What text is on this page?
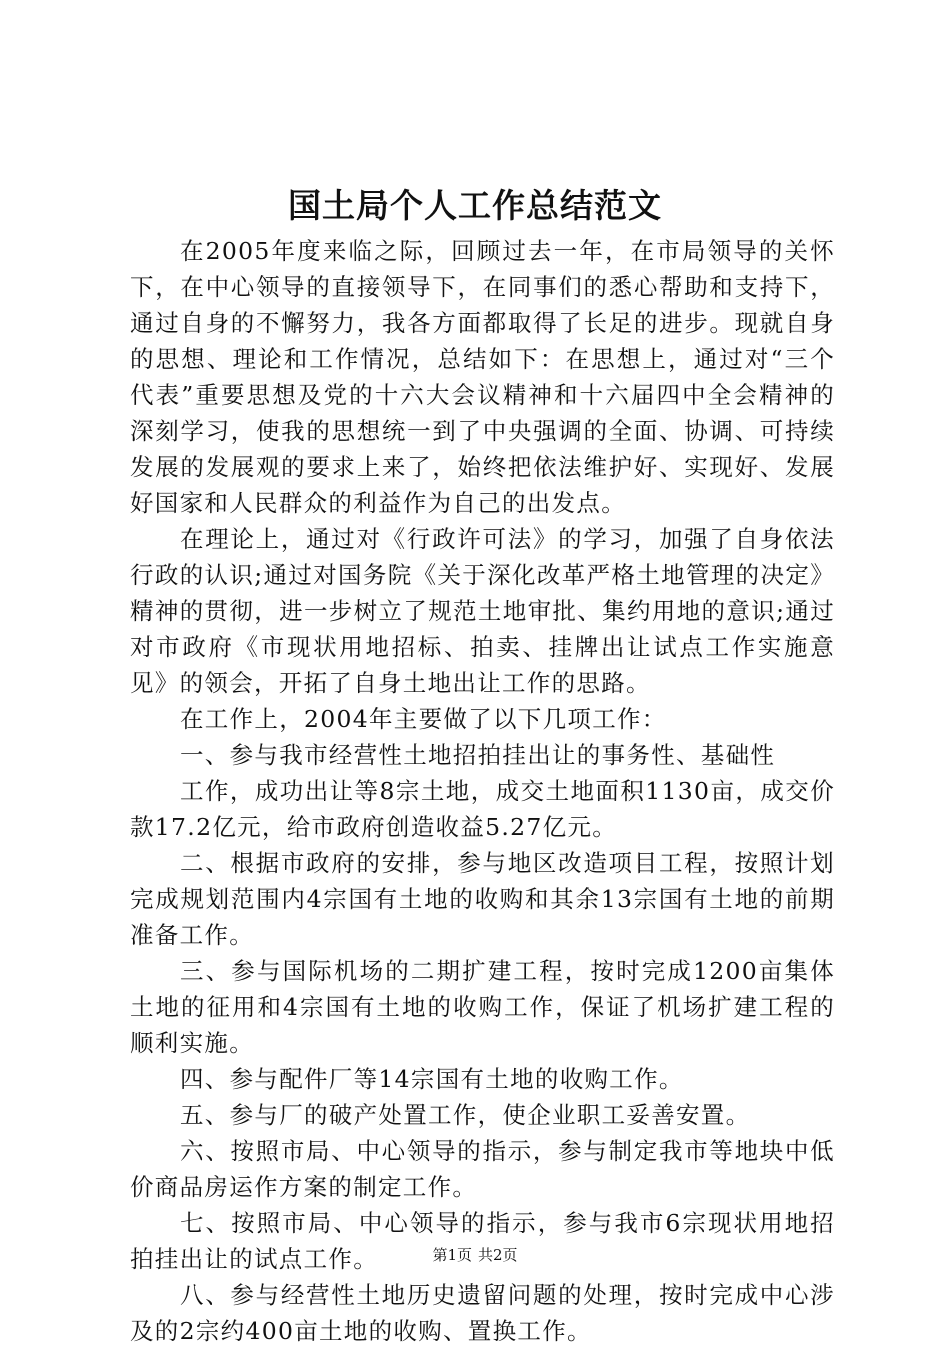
国土局个人工作总结范文

在2005年度来临之际，回顾过去一年，在市局领导的关怀下，在中心领导的直接领导下，在同事们的悉心帮助和支持下，通过自身的不懈努力，我各方面都取得了长足的进步。现就自身的思想、理论和工作情况，总结如下：在思想上，通过对“三个代表”重要思想及党的十六大会议精神和十六届四中全会精神的深刻学习，使我的思想统一到了中央强调的全面、协调、可持续发展的发展观的要求上来了，始终把依法维护好、实现好、发展好国家和人民群众的利益作为自己的出发点。

在理论上，通过对《行政许可法》的学习，加强了自身依法行政的认识;通过对国务院《关于深化改革严格土地管理的决定》精神的贯彻，进一步树立了规范土地审批、集约用地的意识;通过对市政府《市现状用地招标、拍卖、挂牌出让试点工作实施意见》的领会，开拓了自身土地出让工作的思路。

在工作上，2004年主要做了以下几项工作：

一、参与我市经营性土地招拍挂出让的事务性、基础性

工作，成功出让等8宗土地，成交土地面积1130亩，成交价款17.2亿元，给市政府创造收益5.27亿元。

二、根据市政府的安排，参与地区改造项目工程，按照计划完成规划范围内4宗国有土地的收购和其余13宗国有土地的前期准备工作。

三、参与国际机场的二期扩建工程，按时完成1200亩集体土地的征用和4宗国有土地的收购工作，保证了机场扩建工程的顺利实施。

四、参与配件厂等14宗国有土地的收购工作。

五、参与厂的破产处置工作，使企业职工妥善安置。

六、按照市局、中心领导的指示，参与制定我市等地块中低价商品房运作方案的制定工作。

七、按照市局、中心领导的指示，参与我市6宗现状用地招拍挂出让的试点工作。

八、参与经营性土地历史遗留问题的处理，按时完成中心涉及的2宗约400亩土地的收购、置换工作。

第1页 共2页
